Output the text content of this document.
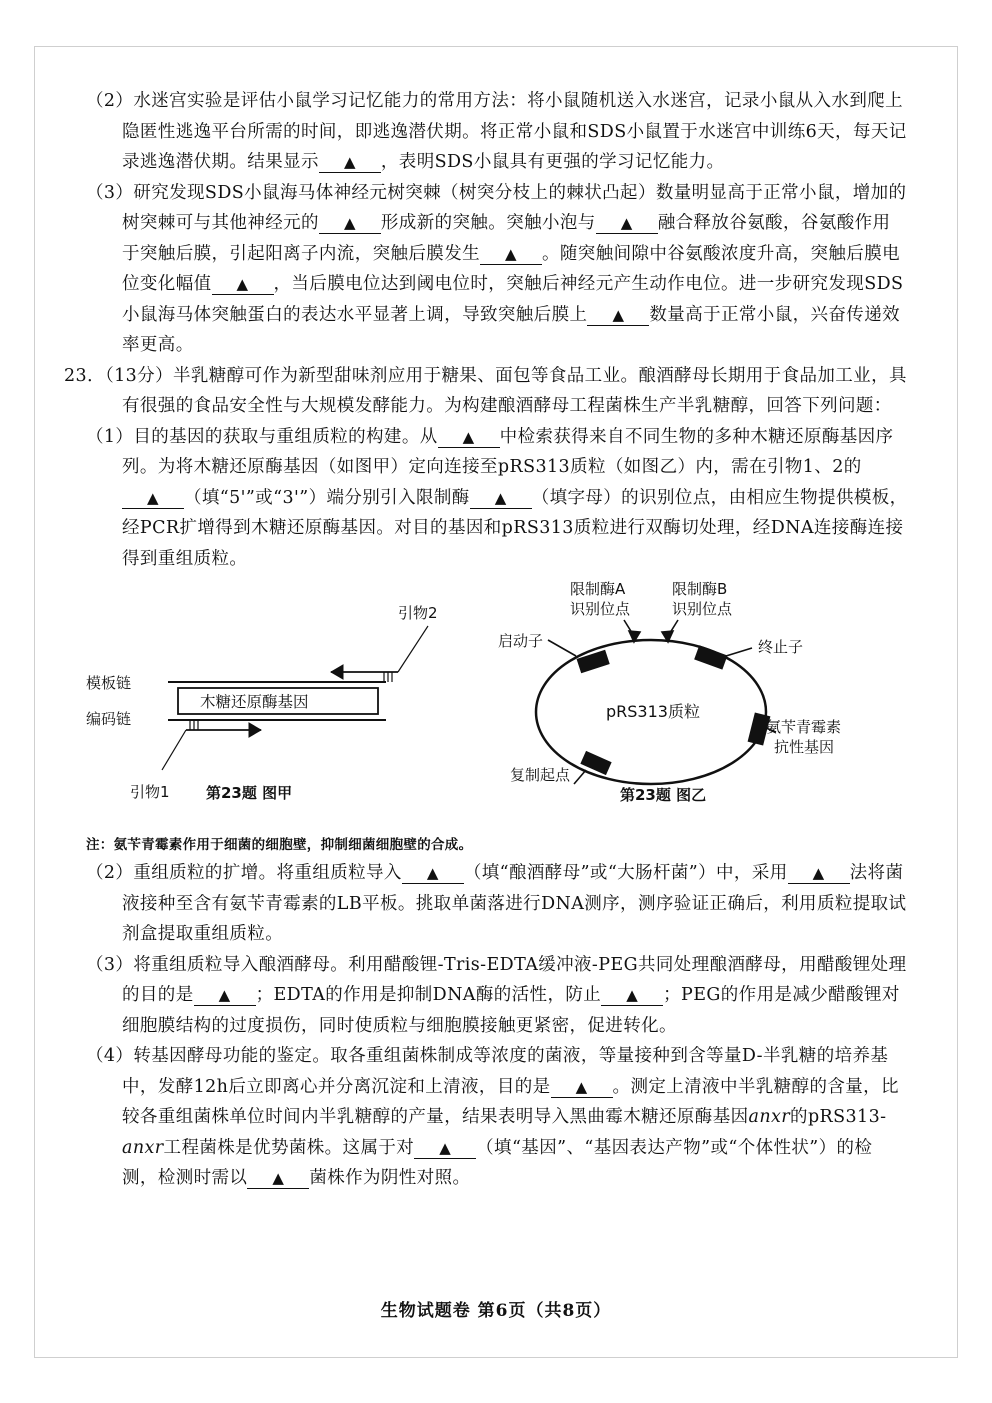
（2）水迷宫实验是评估小鼠学习记忆能力的常用方法：将小鼠随机送入水迷宫，记录小鼠从入水到爬上隐匿性逃逸平台所需的时间，即逃逸潜伏期。将正常小鼠和SDS小鼠置于水迷宫中训练6天，每天记录逃逸潜伏期。结果显示 ▲	，表明SDS小鼠具有更强的学习记忆能力。

（3）研究发现SDS小鼠海马体神经元树突棘（树突分枝上的棘状凸起）数量明显高于正常小鼠，增加的树突棘可与其他神经元的 ▲	形成新的突触。突触小泡与 ▲	融合释放谷氨酸，谷氨酸作用于突触后膜，引起阳离子内流，突触后膜发生 ▲	。随突触间隙中谷氨酸浓度升高，突触后膜电位变化幅值 ▲	，当后膜电位达到阈电位时，突触后神经元产生动作电位。进一步研究发现SDS小鼠海马体突触蛋白的表达水平显著上调，导致突触后膜上 ▲	数量高于正常小鼠，兴奋传递效率更高。

23．（13分）半乳糖醇可作为新型甜味剂应用于糖果、面包等食品工业。酿酒酵母长期用于食品加工业，具有很强的食品安全性与大规模发酵能力。为构建酿酒酵母工程菌株生产半乳糖醇，回答下列问题：

（1）目的基因的获取与重组质粒的构建。从 ▲	中检索获得来自不同生物的多种木糖还原酶基因序列。为将木糖还原酶基因（如图甲）定向连接至pRS313质粒（如图乙）内，需在引物1、2的▲（填“5'”或“3'”）端分别引入限制酶 ▲	（填字母）的识别位点，由相应生物提供模板，经PCR扩增得到木糖还原酶基因。对目的基因和pRS313质粒进行双酶切处理，经DNA连接酶连接得到重组质粒。

引物2
模板链
编码链
木糖还原酶基因
引物1 第23题 图甲
限制酶A
识别位点
限制酶B
识别位点
启动子	终止子
pRS313质粒
氨苄青霉素
抗性基因
复制起点
第23题 图乙

注：氨苄青霉素作用于细菌的细胞壁，抑制细菌细胞壁的合成。

（2）重组质粒的扩增。将重组质粒导入 ▲	（填“酿酒酵母”或“大肠杆菌”）中，采用 ▲	法将菌液接种至含有氨苄青霉素的LB平板。挑取单菌落进行DNA测序，测序验证正确后，利用质粒提取试剂盒提取重组质粒。

（3）将重组质粒导入酿酒酵母。利用醋酸锂-Tris-EDTA缓冲液-PEG共同处理酿酒酵母，用醋酸锂处理的目的是 ▲	；EDTA的作用是抑制DNA酶的活性，防止 ▲	；PEG的作用是减少醋酸锂对细胞膜结构的过度损伤，同时使质粒与细胞膜接触更紧密，促进转化。

（4）转基因酵母功能的鉴定。取各重组菌株制成等浓度的菌液，等量接种到含等量D-半乳糖的培养基中，发酵12h后立即离心并分离沉淀和上清液，目的是 ▲	。测定上清液中半乳糖醇的含量，比较各重组菌株单位时间内半乳糖醇的产量，结果表明导入黑曲霉木糖还原酶基因anxr的pRS313-anxr工程菌株是优势菌株。这属于对 ▲	（填“基因”、“基因表达产物”或“个体性状”）的检测，检测时需以 ▲	菌株作为阴性对照。

生物试题卷 第6页（共8页）
